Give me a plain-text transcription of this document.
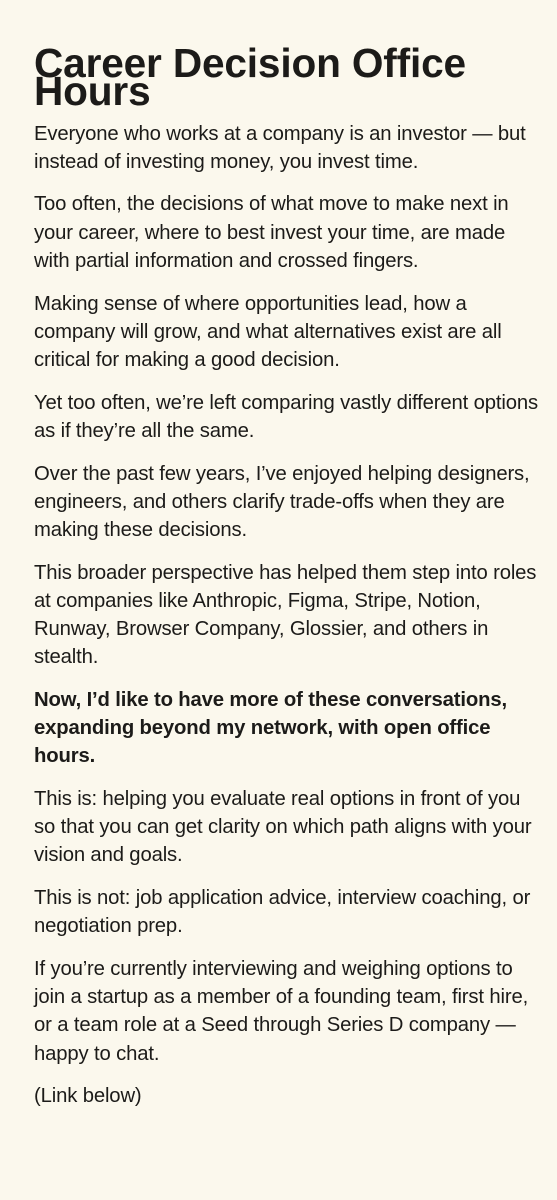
Career Decision Office Hours

Everyone who works at a company is an investor — but instead of investing money, you invest time.

Too often, the decisions of what move to make next in your career, where to best invest your time, are made with partial information and crossed fingers.

Making sense of where opportunities lead, how a company will grow, and what alternatives exist are all critical for making a good decision.

Yet too often, we’re left comparing vastly different options as if they’re all the same.

Over the past few years, I’ve enjoyed helping designers, engineers, and others clarify trade-offs when they are making these decisions.

This broader perspective has helped them step into roles at companies like Anthropic, Figma, Stripe, Notion, Runway, Browser Company, Glossier, and others in stealth.

Now, I’d like to have more of these conversations, expanding beyond my network, with open office hours.

This is: helping you evaluate real options in front of you so that you can get clarity on which path aligns with your vision and goals.

This is not: job application advice, interview coaching, or negotiation prep.

If you’re currently interviewing and weighing options to join a startup as a member of a founding team, first hire, or a team role at a Seed through Series D company — happy to chat.

(Link below)
